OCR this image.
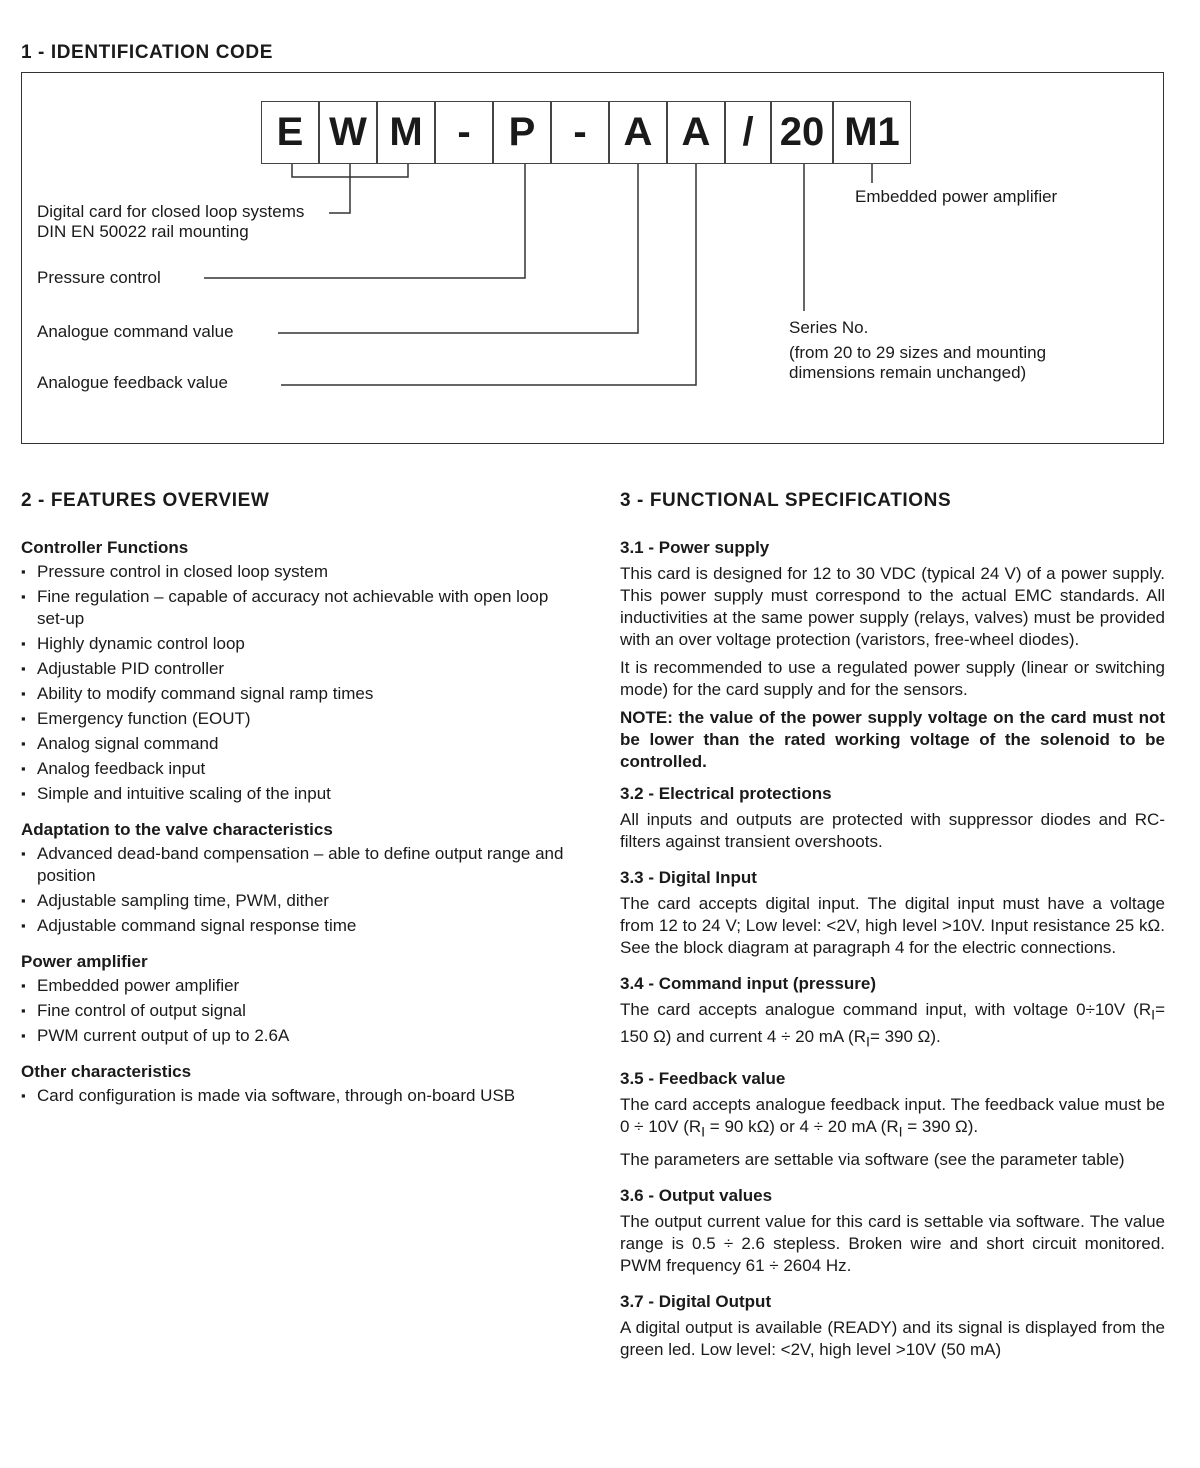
1 - IDENTIFICATION CODE
E W M - P - A A / 20 M1
Digital card for closed loop systems
DIN EN 50022 rail mounting
Pressure control
Analogue command value
Analogue feedback value
Embedded power amplifier
Series No.
(from 20 to 29 sizes and mounting
dimensions remain unchanged)
2 - FEATURES OVERVIEW
Controller Functions
▪ Pressure control in closed loop system
▪ Fine regulation – capable of accuracy not achievable with open loop set-up
▪ Highly dynamic control loop
▪ Adjustable PID controller
▪ Ability to modify command signal ramp times
▪ Emergency function (EOUT)
▪ Analog signal command
▪ Analog feedback input
▪ Simple and intuitive scaling of the input
Adaptation to the valve characteristics
▪ Advanced dead-band compensation – able to define output range and position
▪ Adjustable sampling time, PWM, dither
▪ Adjustable command signal response time
Power amplifier
▪ Embedded power amplifier
▪ Fine control of output signal
▪ PWM current output of up to 2.6A
Other characteristics
▪ Card configuration is made via software, through on-board USB
3 - FUNCTIONAL SPECIFICATIONS
3.1 - Power supply
This card is designed for 12 to 30 VDC (typical 24 V) of a power supply. This power supply must correspond to the actual EMC standards. All inductivities at the same power supply (relays, valves) must be provided with an over voltage protection (varistors, free-wheel diodes).
It is recommended to use a regulated power supply (linear or switching mode) for the card supply and for the sensors.
NOTE: the value of the power supply voltage on the card must not be lower than the rated working voltage of the solenoid to be controlled.
3.2 - Electrical protections
All inputs and outputs are protected with suppressor diodes and RC-filters against transient overshoots.
3.3 - Digital Input
The card accepts digital input. The digital input must have a voltage from 12 to 24 V; Low level: <2V, high level >10V. Input resistance 25 kΩ. See the block diagram at paragraph 4 for the electric connections.
3.4 - Command input (pressure)
The card accepts analogue command input, with voltage 0÷10V ($R_I= 150$ Ω) and current 4 ÷ 20 mA ($R_I= 390$ Ω).
3.5 - Feedback value
The card accepts analogue feedback input. The feedback value must be 0 ÷ 10V ($R_I = 90$ kΩ) or 4 ÷ 20 mA ($R_I = 390$ Ω).
The parameters are settable via software (see the parameter table)
3.6 - Output values
The output current value for this card is settable via software. The value range is 0.5 ÷ 2.6 stepless. Broken wire and short circuit monitored. PWM frequency 61 ÷ 2604 Hz.
3.7 - Digital Output
A digital output is available (READY) and its signal is displayed from the green led. Low level: <2V, high level >10V (50 mA)
